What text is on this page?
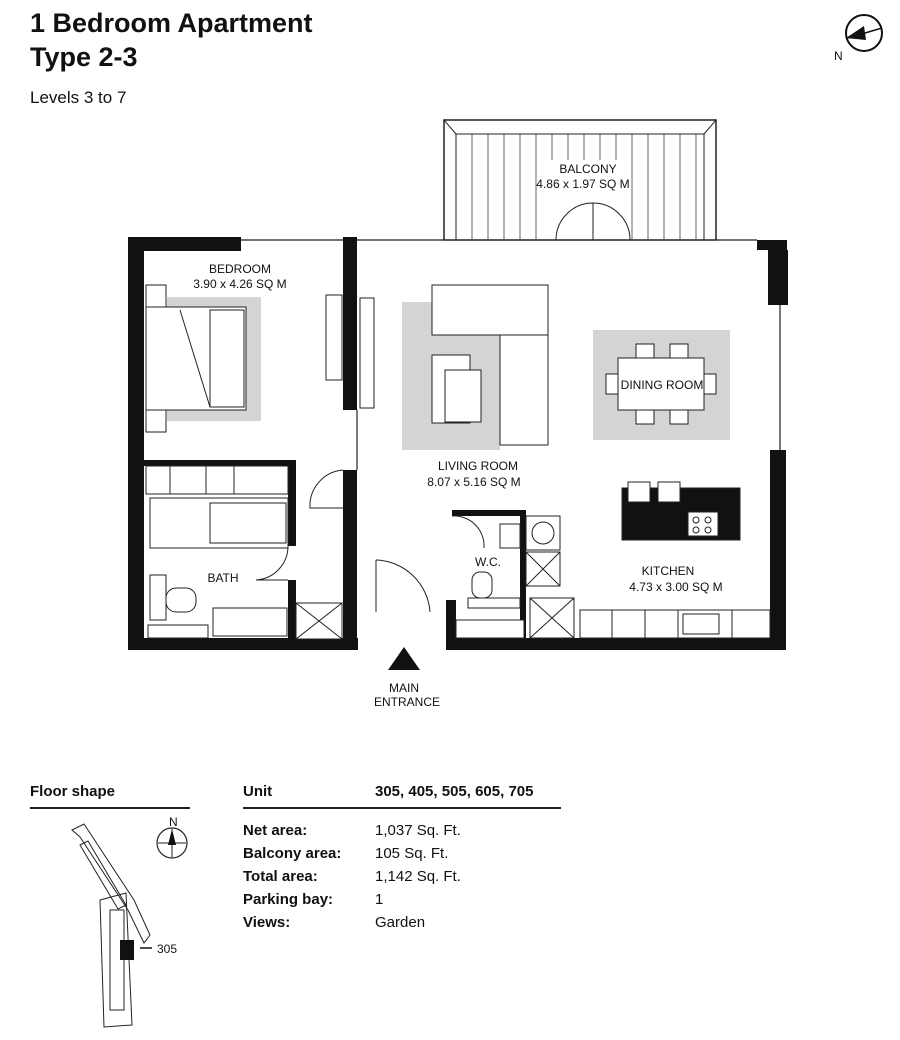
1 Bedroom Apartment
Type 2-3
Levels 3 to 7
N
BALCONY
4.86 x 1.97 SQ M
BEDROOM
3.90 x 4.26 SQ M
BATH
LIVING ROOM
8.07 x 5.16 SQ M
DINING ROOM
KITCHEN
4.73 x 3.00 SQ M
W.C.
MAIN
ENTRANCE
Floor shape
305
N
Unit	305, 405, 505, 605, 705
Net area:	1,037 Sq. Ft.
Balcony area: 105 Sq. Ft.
Total area:	1,142 Sq. Ft.
Parking bay:	1
Views:	Garden
